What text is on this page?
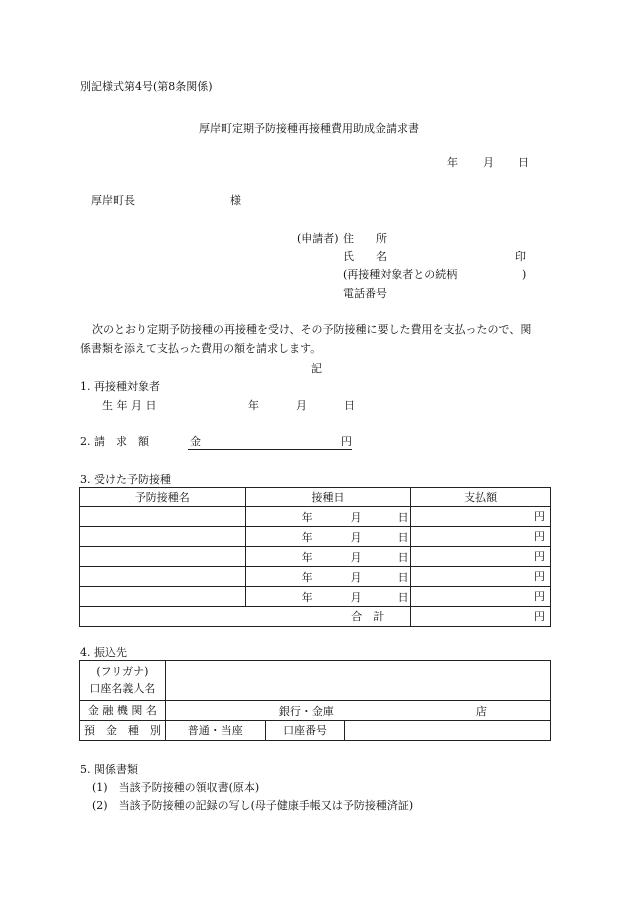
別記様式第4号(第8条関係)
厚岸町定期予防接種再接種費用助成金請求書
年 月 日
厚岸町長	様
(申請者) 住　　所
氏　　名	印
(再接種対象者との続柄	)
電話番号
次のとおり定期予防接種の再接種を受け、その予防接種に要した費用を支払ったので、関
係書類を添えて支払った費用の額を請求します。
記
1. 再接種対象者
生 年 月 日	年	月	日
2. 請　求　額	金	円
3. 受けた予防接種
予防接種名	接種日	支払額

	年 月 日	円

	年 月 日	円

	年 月 日	円

	年 月 日	円

	年 月 日	円
合　計		円
4. 振込先
(フリガナ)
口座名義人名			

金 融 機 関 名	銀行・金庫 店		

預　金　種　別	普通・当座	口座番号	
5. 関係書類
(1)　当該予防接種の領収書(原本)
(2)　当該予防接種の記録の写し(母子健康手帳又は予防接種済証)
